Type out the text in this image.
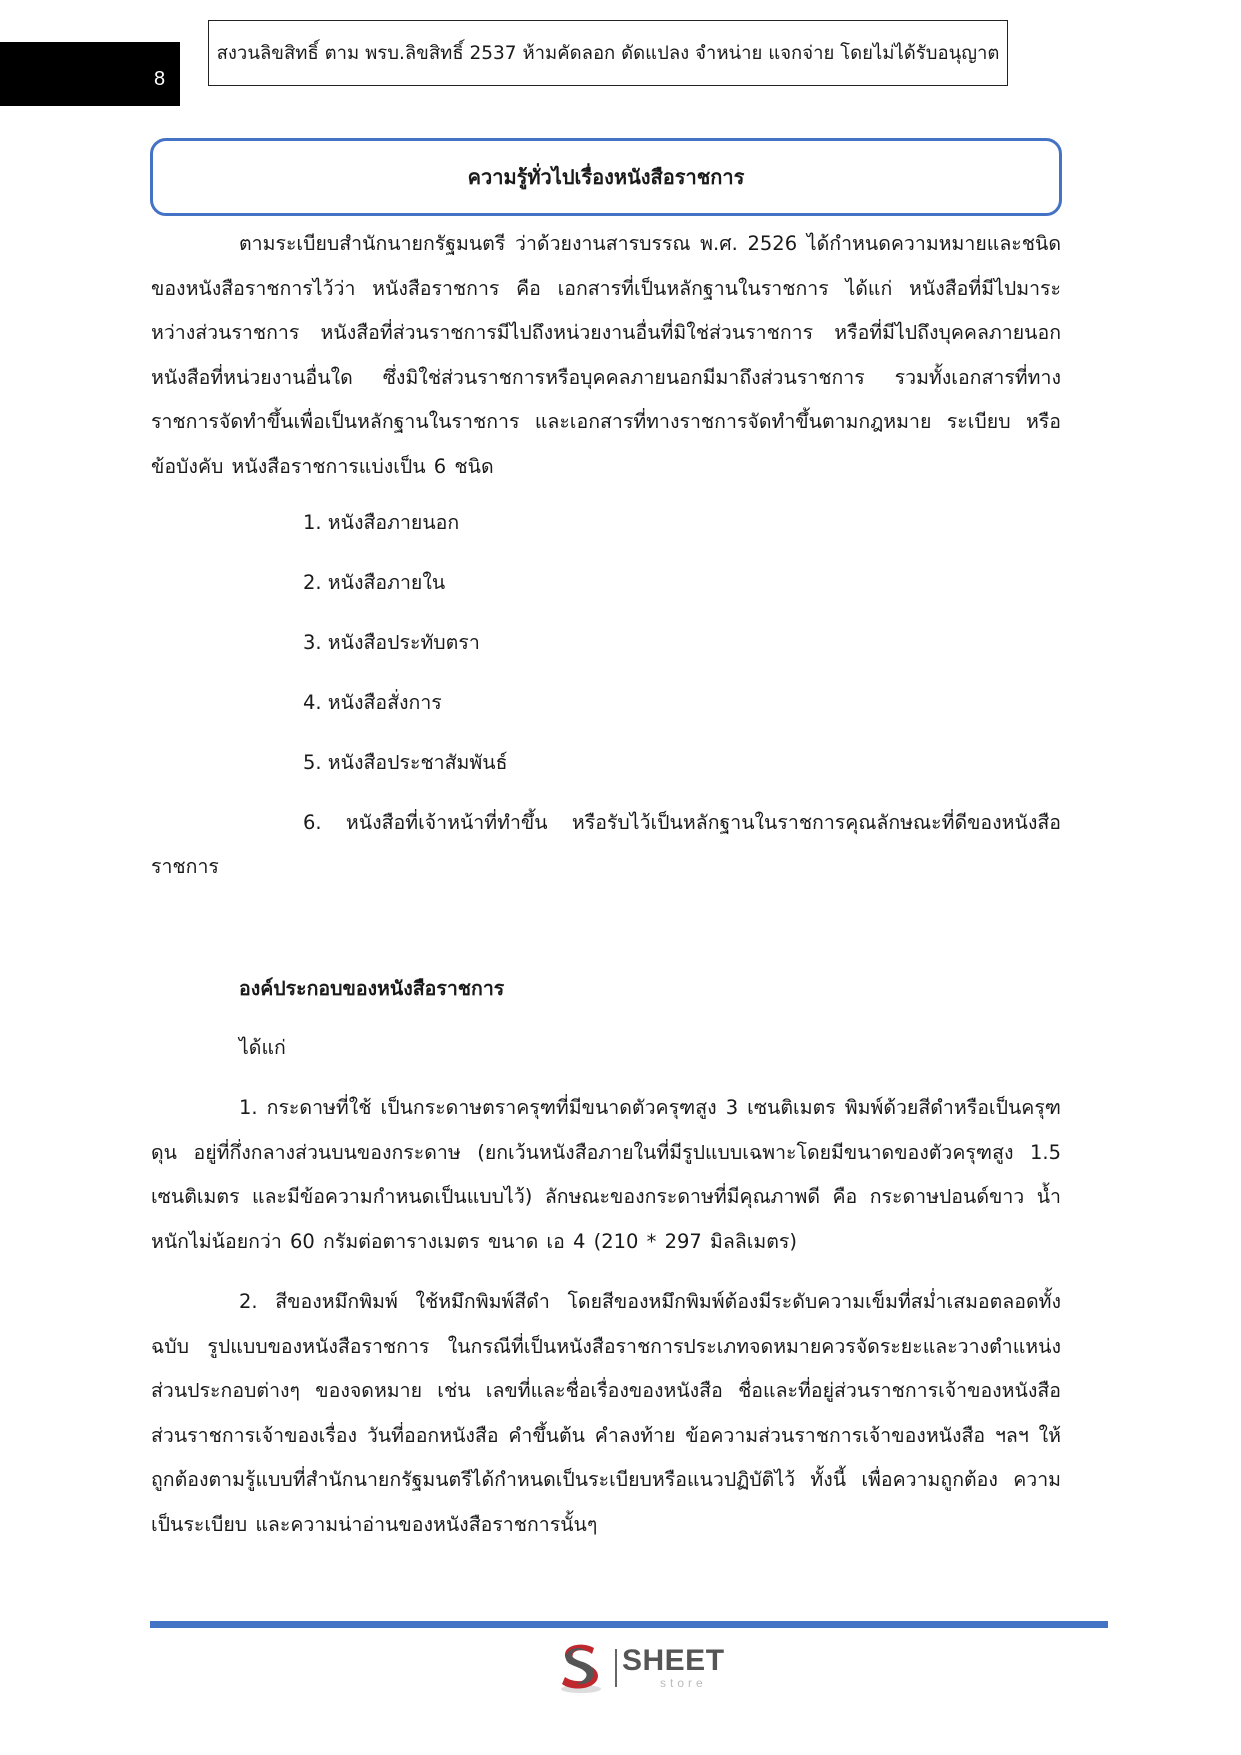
8
สงวนลิขสิทธิ์ ตาม พรบ.ลิขสิทธิ์ 2537 ห้ามคัดลอก ดัดแปลง จำหน่าย แจกจ่าย โดยไม่ได้รับอนุญาต
ความรู้ทั่วไปเรื่องหนังสือราชการ

ตามระเบียบสำนักนายกรัฐมนตรี ว่าด้วยงานสารบรรณ พ.ศ. 2526 ได้กำหนดความหมายและชนิดของหนังสือราชการไว้ว่า หนังสือราชการ คือ เอกสารที่เป็นหลักฐานในราชการ ได้แก่ หนังสือที่มีไปมาระหว่างส่วนราชการ หนังสือที่ส่วนราชการมีไปถึงหน่วยงานอื่นที่มิใช่ส่วนราชการ หรือที่มีไปถึงบุคคลภายนอก หนังสือที่หน่วยงานอื่นใด ซึ่งมิใช่ส่วนราชการหรือบุคคลภายนอกมีมาถึงส่วนราชการ รวมทั้งเอกสารที่ทางราชการจัดทำขึ้นเพื่อเป็นหลักฐานในราชการ และเอกสารที่ทางราชการจัดทำขึ้นตามกฎหมาย ระเบียบ หรือข้อบังคับ หนังสือราชการแบ่งเป็น 6 ชนิด

1. หนังสือภายนอก
2. หนังสือภายใน
3. หนังสือประทับตรา
4. หนังสือสั่งการ
5. หนังสือประชาสัมพันธ์
6. หนังสือที่เจ้าหน้าที่ทำขึ้น หรือรับไว้เป็นหลักฐานในราชการคุณลักษณะที่ดีของหนังสือราชการ

องค์ประกอบของหนังสือราชการ

ได้แก่

1. กระดาษที่ใช้ เป็นกระดาษตราครุฑที่มีขนาดตัวครุฑสูง 3 เซนติเมตร พิมพ์ด้วยสีดำหรือเป็นครุฑดุน อยู่ที่กึ่งกลางส่วนบนของกระดาษ (ยกเว้นหนังสือภายในที่มีรูปแบบเฉพาะโดยมีขนาดของตัวครุฑสูง 1.5 เซนติเมตร และมีข้อความกำหนดเป็นแบบไว้) ลักษณะของกระดาษที่มีคุณภาพดี คือ กระดาษปอนด์ขาว น้ำหนักไม่น้อยกว่า 60 กรัมต่อตารางเมตร ขนาด เอ 4 (210 * 297 มิลลิเมตร)

2. สีของหมึกพิมพ์ ใช้หมึกพิมพ์สีดำ โดยสีของหมึกพิมพ์ต้องมีระดับความเข็มที่สม่ำเสมอตลอดทั้งฉบับ รูปแบบของหนังสือราชการ ในกรณีที่เป็นหนังสือราชการประเภทจดหมายควรจัดระยะและวางตำแหน่งส่วนประกอบต่างๆ ของจดหมาย เช่น เลขที่และชื่อเรื่องของหนังสือ ชื่อและที่อยู่ส่วนราชการเจ้าของหนังสือ ส่วนราชการเจ้าของเรื่อง วันที่ออกหนังสือ คำขึ้นต้น คำลงท้าย ข้อความส่วนราชการเจ้าของหนังสือ ฯลฯ ให้ถูกต้องตามรู้แบบที่สำนักนายกรัฐมนตรีได้กำหนดเป็นระเบียบหรือแนวปฏิบัติไว้ ทั้งนี้ เพื่อความถูกต้อง ความเป็นระเบียบ และความน่าอ่านของหนังสือราชการนั้นๆ

SHEET
store
